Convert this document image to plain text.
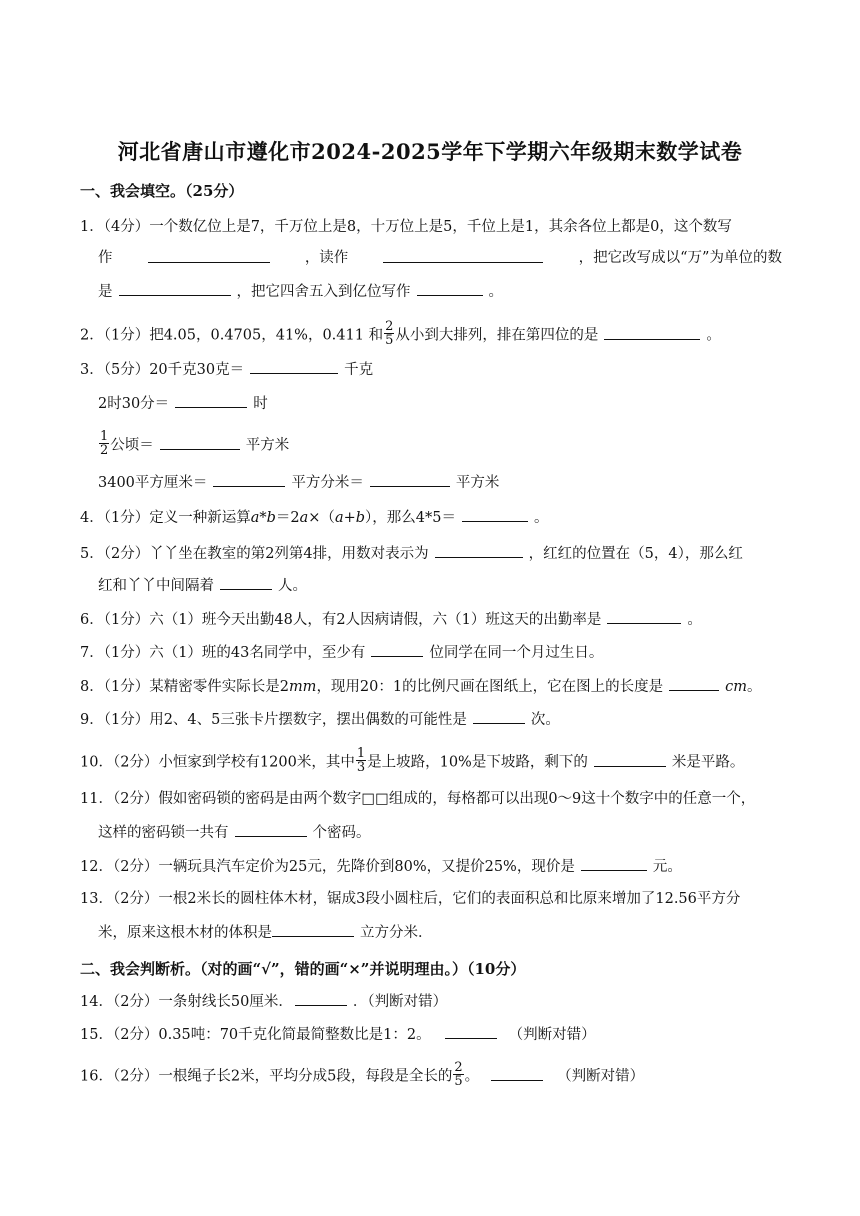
河北省唐山市遵化市2024-2025学年下学期六年级期末数学试卷
一、我会填空。（25分）
1．（4分）一个数亿位上是7，千万位上是8，十万位上是5，千位上是1，其余各位上都是0，这个数写
作	，读作	，把它改写成以“万”为单位的数
是	，把它四舍五入到亿位写作	。
2．（1分）把4.05，0.4705，41%，0.411 和 $\frac{2}{5}$ 从小到大排列，排在第四位的是	。
3．（5分）20千克30克＝	千克
2时30分＝	时
$\frac{1}{2}$ 公顷＝	平方米
3400平方厘米＝	平方分米＝	平方米
4．（1分）定义一种新运算a*b＝2a×（a+b），那么4*5＝	。
5．（2分）丫丫坐在教室的第2列第4排，用数对表示为	，红红的位置在（5，4），那么红
红和丫丫中间隔着	人。
6．（1分）六（1）班今天出勤48人，有2人因病请假，六（1）班这天的出勤率是	。
7．（1分）六（1）班的43名同学中，至少有	位同学在同一个月过生日。
8．（1分）某精密零件实际长是2mm，现用20：1的比例尺画在图纸上，它在图上的长度是	cm。
9．（1分）用2、4、5三张卡片摆数字，摆出偶数的可能性是	次。
10．（2分）小恒家到学校有1200米，其中 $\frac{1}{3}$ 是上坡路，10%是下坡路，剩下的	米是平路。
11．（2分）假如密码锁的密码是由两个数字□□组成的，每格都可以出现0～9这十个数字中的任意一个，
这样的密码锁一共有	个密码。
12．（2分）一辆玩具汽车定价为25元，先降价到80%，又提价25%，现价是	元。
13．（2分）一根2米长的圆柱体木材，锯成3段小圆柱后，它们的表面积总和比原来增加了12.56平方分
米，原来这根木材的体积是	立方分米．
二、我会判断析。（对的画“√”，错的画“×”并说明理由。）（10分）
14．（2分）一条射线长50厘米．	．（判断对错）
15．（2分）0.35吨：70千克化简最简整数比是1：2。	（判断对错）
16．（2分）一根绳子长2米，平均分成5段，每段是全长的 $\frac{2}{5}$ 。	（判断对错）
